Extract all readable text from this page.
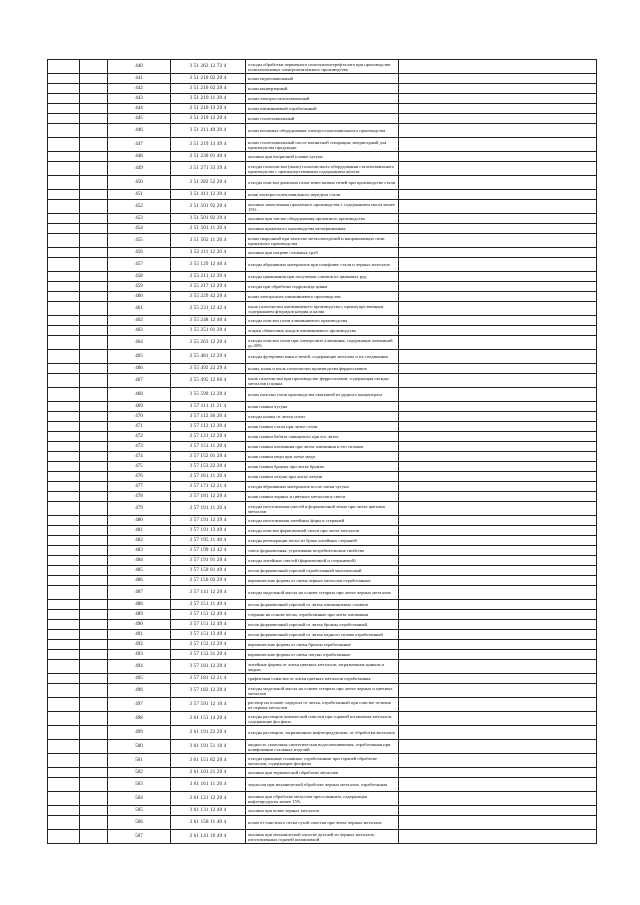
		440	3 51 263 12 72 4	отходы обработки первичного полиэтилентерефталата при производстве полиэтиленовых электромонтажного производства	
		441	3 51 210 02 20 4	шлам медеплавильный	
		442	3 51 210 02 20 4	шлам конвертерный	
		443	3 51 210 11 20 4	шлам электросталеплавильный	
		444	3 51 210 13 20 4	шлам алюминиевый отработанный	
		445	3 51 219 12 20 4	шлам сталеплавильный	
		446	3 51 211 49 20 4	шлам печатных оборудования электросталеплавильного производства	
		447	3 51 219 13 49 4	шлам сталеплавильный после магнитной сепарации, непригодный для производства продукции	
		448	3 51 230 01 40 4	окалина при вторичной плавке чугуна	
		449	3 51 271 33 39 4	отходы газоочистки (пыль) газоочистного оборудования сталеплавильного производства с преимущественным содержанием железа	
		450	3 51 282 52 20 4	отходы очистки дымовых газов известковых печей при производстве стали	
		451	3 51 411 12 20 4	шлак электросталеплавильного передела стали	
		452	3 51 501 92 20 4	окалина замасленная прокатного производства с содержанием масла менее 15%	
		453	3 51 501 92 29 4	окалина при чистке оборудования прокатного производства	
		454	3 51 501 11 20 4	окалина прокатного производства незагрязненная	
		455	3 51 502 11 20 4	шлам сварочный при зачистке металлоизделий и направляющих печи прокатного производства	
		456	3 52 111 12 20 4	окалина при нагреве стальных труб	
		457	3 55 129 12 40 4	отходы абразивных материалов при шлифовке стали и черных металлов	
		458	3 55 211 12 29 4	отходы цинкования при получении слитков из цинковых руд	
		459	3 55 217 12 29 4	отходы при обработке гидроксида цинка	
		460	3 55 229 42 20 4	шлам электролиза алюминиевого производства	
		461	3 55 231 12 42 4	пыль газоочистки алюминиевого производства с преимущественным содержанием фторидов натрия и калия	
		462	3 55 248 12 40 4	отходы очистки газов алюминиевого производства	
		463	3 55 251 01 20 4	огарки обжиговых анодов алюминиевого производства	
		464	3 55 263 12 20 4	отходы очистки газов при электролизе алюминия, содержащие алюминий до 20%	
		465	3 55 481 12 29 4	отходы футеровки ванн и печей, содержащие металлы и их соединения	
		466	3 55 492 22 29 4	шлам, шлак и пыль газоочистки производства ферросплавов	
		467	3 55 495 12 60 4	пыль газоочистки при производстве ферросплавов, содержащая оксиды металлов и цинка	
		468	3 55 590 12 20 4	шлам очистки газов производства окатышей из рудного концентрата	
		469	3 57 111 11 21 4	шлак плавки чугуна	
		470	3 57 112 30 20 4	отходы шлака от литья стали	
		471	3 57 112 12 20 4	шлак плавки стали при литье стали	
		472	3 57 121 12 20 4	шлак плавки бабита свинцового при его литье	
		473	3 57 151 11 20 4	шлак плавки алюминия при литье алюминия и его сплавов	
		474	3 57 152 01 20 4	шлак плавки меди при литье меди	
		475	3 57 153 22 20 4	шлак плавки бронзы при литье бронзы	
		476	3 57 161 11 20 4	шлак плавки латуни при литье латуни	
		477	3 57 171 12 21 4	отходы абразивных материалов после литья чугуна	
		478	3 57 181 12 20 4	шлак плавки черных и цветных металлов в смеси	
		479	3 57 191 11 20 4	отходы изготовления смесей в формовочной земле при литье цветных металлов	
		480	3 57 191 12 39 4	отходы изготовления литейных форм и стержней	
		481	3 57 191 13 49 4	отходы очистки формовочной смеси при литье металлов	
		482	3 57 195 11 40 4	отходы регенерации песка из брака литейных стержней	
		483	3 57 199 12 42 4	смесь формовочная, утратившая потребительские свойства	
		484	3 57 191 91 20 4	отходы литейных смесей (формовочной и стержневой)	
		485	3 57 150 01 49 4	песок формовочный горелый отработанный малоопасный	
		486	3 57 150 02 29 4	керамические формы от литья черных металлов отработанные	
		487	3 57 141 12 20 4	отходы модельной массы на основе стеарата при литье черных металлов	
		488	3 57 151 11 49 4	песок формовочный горелый от литья алюминиевых сплавов	
		489	3 57 151 12 49 4	стержни на основе песка, отработанные при литье алюминия	
		490	3 57 151 12 49 4	песок формовочный горелый от литья бронзы отработанный	
		491	3 57 151 13 49 4	песок формовочный горелый от литья медного сплава отработанный	
		492	3 57 152 12 29 4	керамические формы от литья бронзы отработанные	
		493	3 57 152 31 20 4	керамические формы от литья латуни отработанные	
		494	3 57 181 12 20 4	литейные формы от литья цветных металлов, загрязненные цинком и медью	
		495	3 57 181 12 21 4	графитовая оснастка от литья цветных металлов отработанная	
		496	3 57 182 12 20 4	отходы модельной массы на основе стеарата при литье черных и цветных металлов	
		497	3 57 591 12 10 4	раствор на основе сидерола от литья, отработанный при очистке отливок из черных металлов	
		498	3 61 151 14 20 4	отходы растворов химической очистки при горячей штамповке металлов, содержащие фосфаты	
		499	3 61 191 22 20 4	отходы растворов, загрязненные нефтепродуктами, от обработки металлов	
		500	3 61 191 51 10 4	жидкость смазочная синтетическая водосмешиваемая, отработанная при шлифовании стальных изделий	
		501	3 61 151 82 20 4	отходы цинковые сплавные, отработанные при горячей обработке металлов, содержащие фосфаты	
		502	3 61 101 21 20 4	окалина при термической обработке металлов	
		503	3 61 161 11 20 4	эмульсия при механической обработке черных металлов, отработанная	
		504	3 61 121 12 20 4	окалина при обработке металлов прессованием, содержащая нефтепродукты менее 15%	
		505	3 61 131 12 40 4	окалина при ковке черных металлов	
		506	3 61 158 11 40 4	шлам от очистного песка сухой очистки при литье черных металлов	
		507	3 61 141 10 49 4	окалина при механической очистке деталей из черных металлов, изготовленных горячей штамповкой	
